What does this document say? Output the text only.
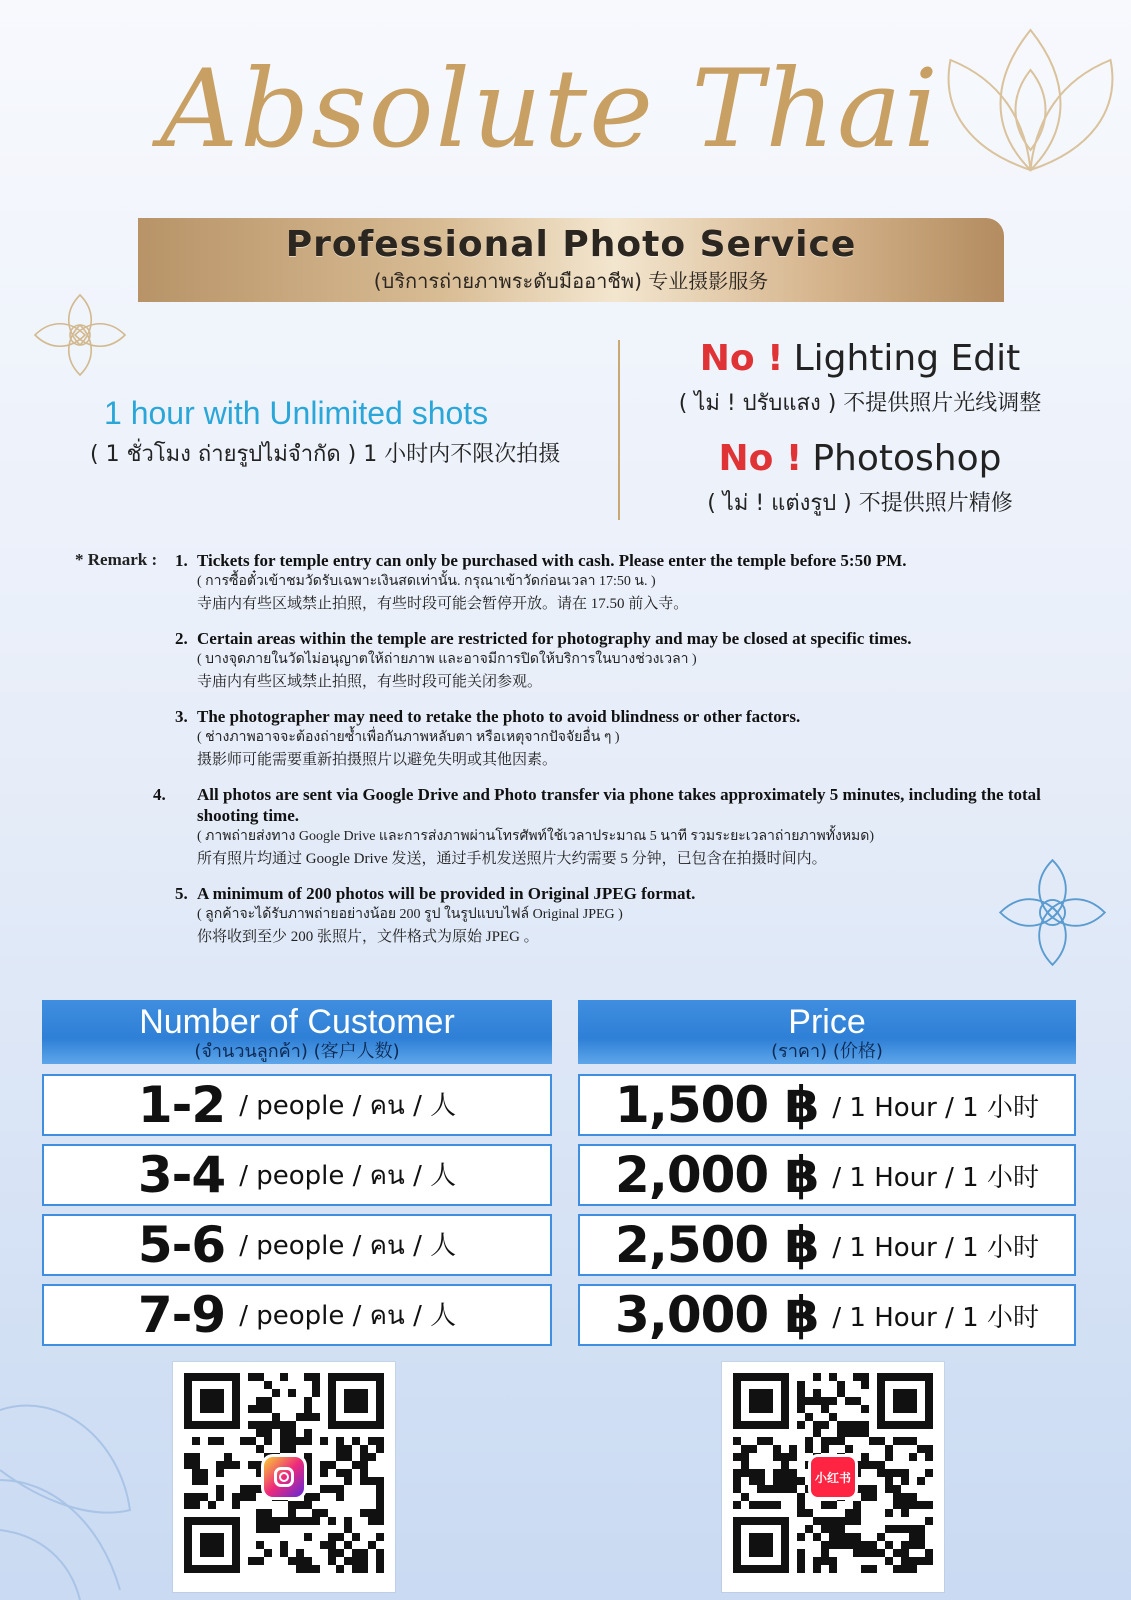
Absolute Thai
Professional Photo Service
(บริการถ่ายภาพระดับมืออาชีพ) 专业摄影服务
1 hour with Unlimited shots
( 1 ชั่วโมง ถ่ายรูปไม่จำกัด ) 1 小时内不限次拍摄
No ! Lighting Edit
( ไม่ ! ปรับแสง ) 不提供照片光线调整
No ! Photoshop
( ไม่ ! แต่งรูป ) 不提供照片精修
* Remark : 1. Tickets for temple entry can only be purchased with cash. Please enter the temple before 5:50 PM.
( การซื้อตั๋วเข้าชมวัดรับเฉพาะเงินสดเท่านั้น. กรุณาเข้าวัดก่อนเวลา 17:50 น. )
寺庙内有些区域禁止拍照，有些时段可能会暂停开放。请在 17.50 前入寺。
2. Certain areas within the temple are restricted for photography and may be closed at specific times.
( บางจุดภายในวัดไม่อนุญาตให้ถ่ายภาพ และอาจมีการปิดให้บริการในบางช่วงเวลา )
寺庙内有些区域禁止拍照，有些时段可能关闭参观。
3. The photographer may need to retake the photo to avoid blindness or other factors.
( ช่างภาพอาจจะต้องถ่ายซ้ำเพื่อกันภาพหลับตา หรือเหตุจากปัจจัยอื่น ๆ )
摄影师可能需要重新拍摄照片以避免失明或其他因素。
4. All photos are sent via Google Drive and Photo transfer via phone takes approximately 5 minutes, including the total shooting time.
( ภาพถ่ายส่งทาง Google Drive และการส่งภาพผ่านโทรศัพท์ใช้เวลาประมาณ 5 นาที รวมระยะเวลาถ่ายภาพทั้งหมด)
所有照片均通过 Google Drive 发送，通过手机发送照片大约需要 5 分钟，已包含在拍摄时间内。
5. A minimum of 200 photos will be provided in Original JPEG format.
( ลูกค้าจะได้รับภาพถ่ายอย่างน้อย 200 รูป ในรูปแบบไฟล์ Original JPEG )
你将收到至少 200 张照片，文件格式为原始 JPEG 。
Number of Customer
(จำนวนลูกค้า) (客户人数)
Price
(ราคา) (价格)
1-2 / people / คน / 人	1,500 ฿ / 1 Hour / 1 小时
3-4 / people / คน / 人	2,000 ฿ / 1 Hour / 1 小时
5-6 / people / คน / 人	2,500 ฿ / 1 Hour / 1 小时
7-9 / people / คน / 人	3,000 ฿ / 1 Hour / 1 小时
小红书
